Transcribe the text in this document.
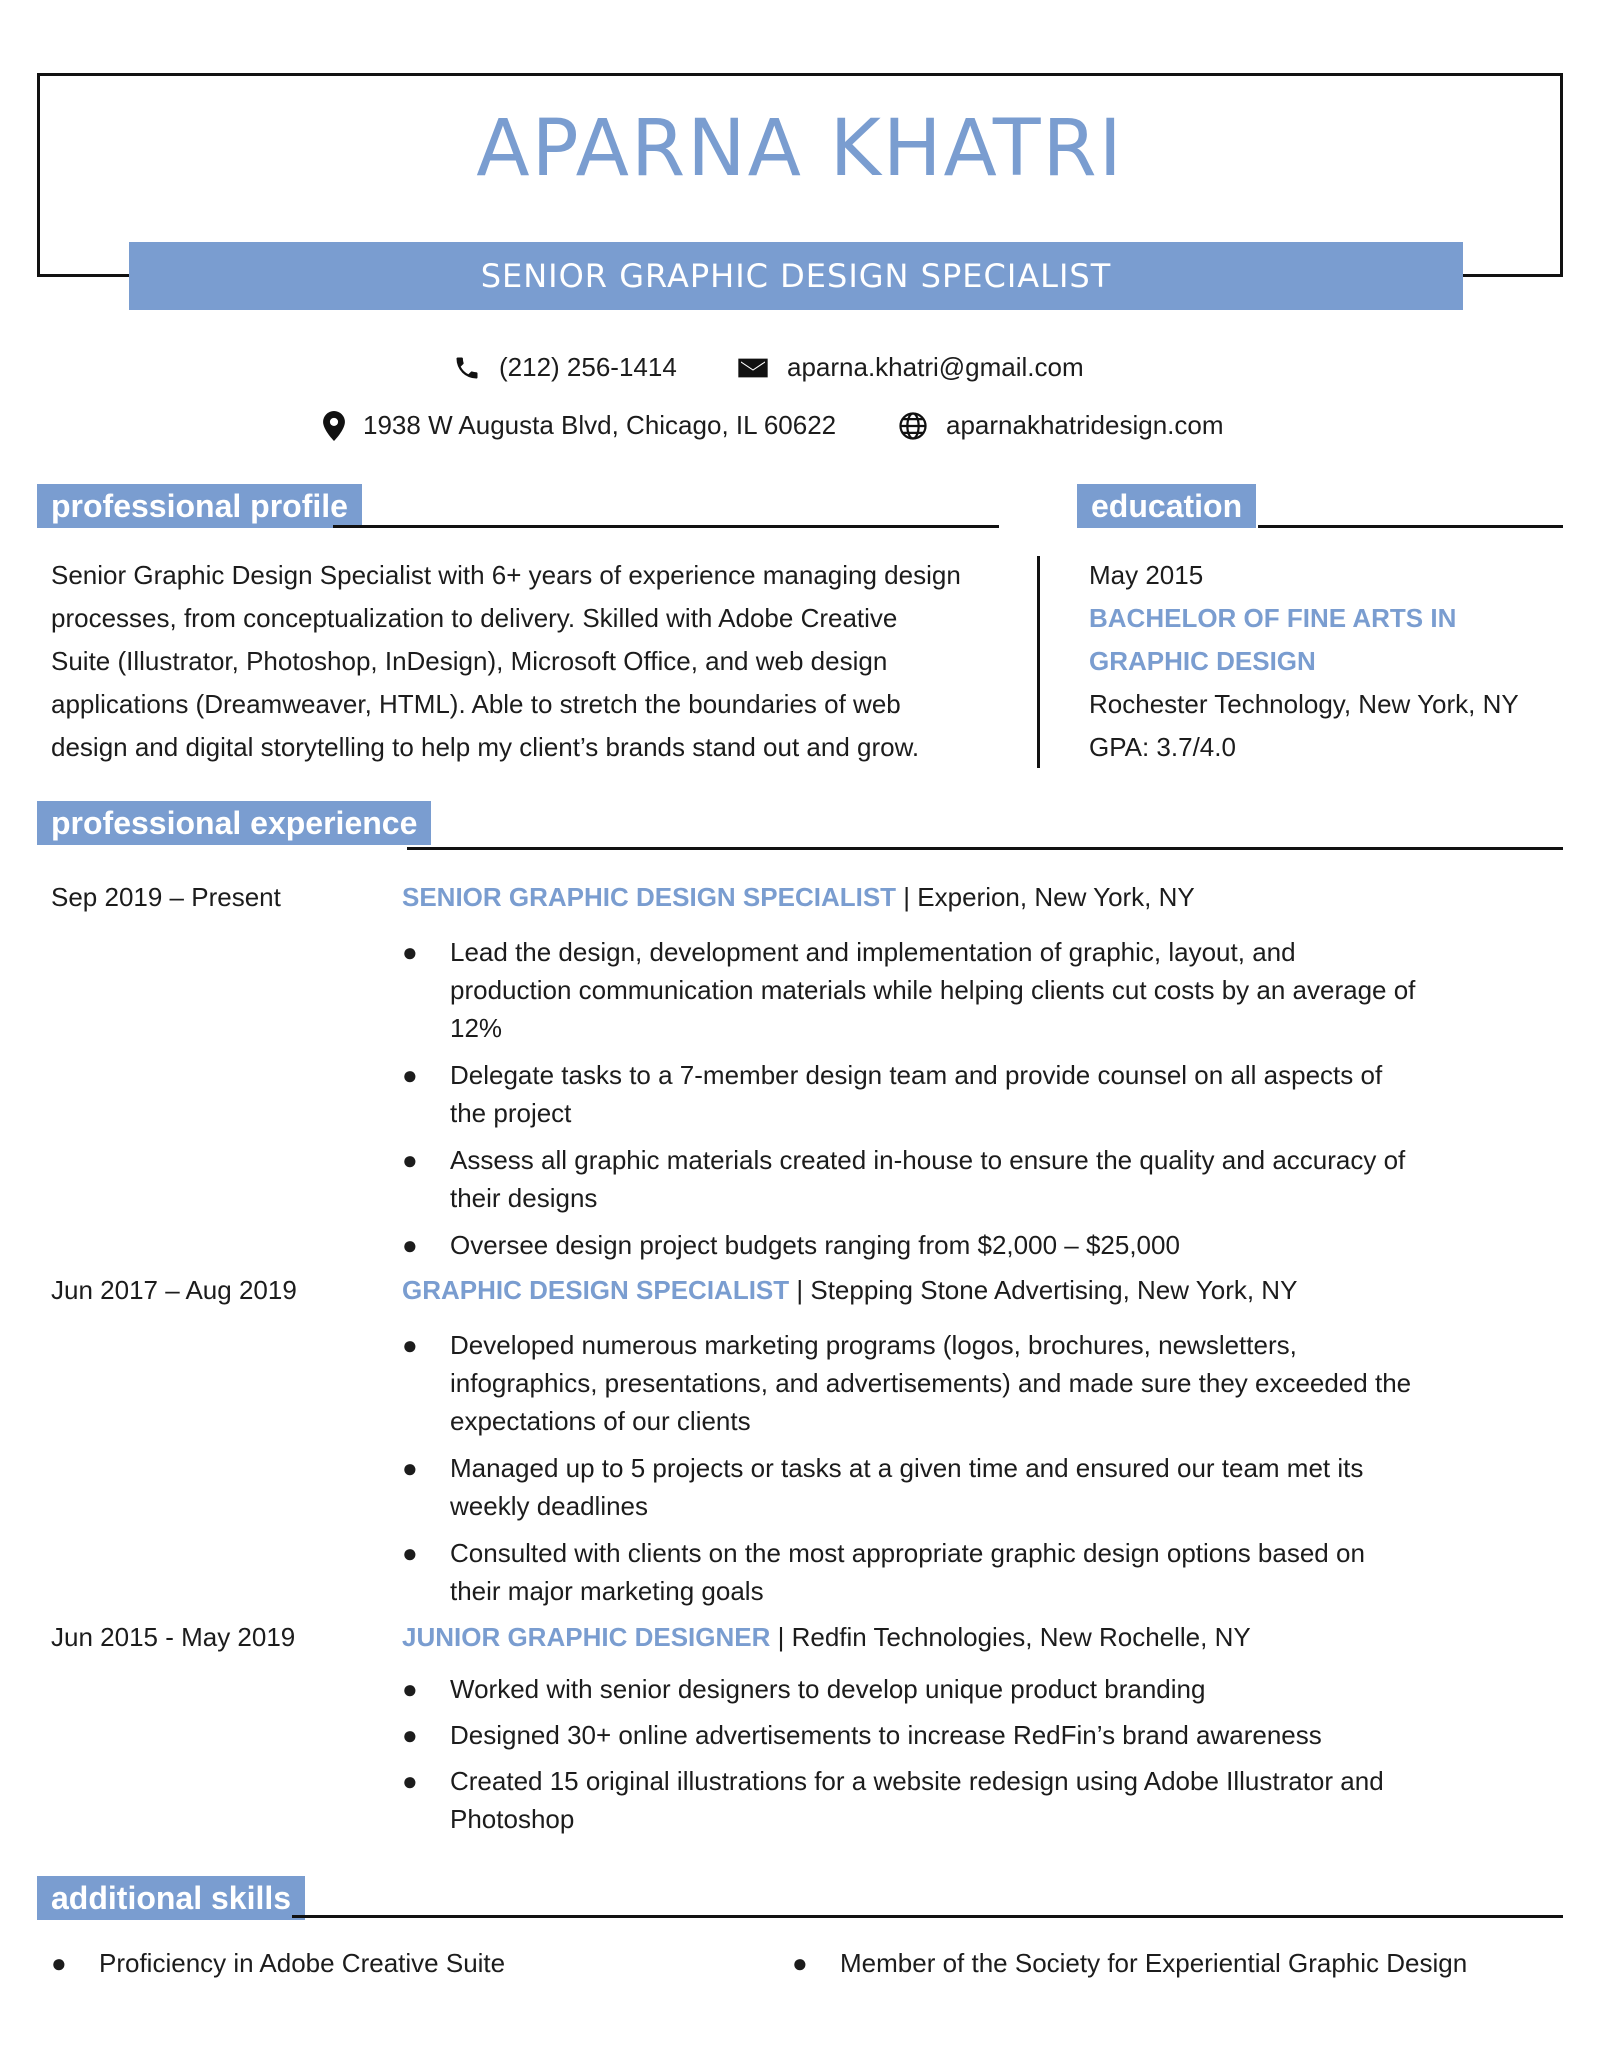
APARNA KHATRI
SENIOR GRAPHIC DESIGN SPECIALIST
(212) 256-1414	aparna.khatri@gmail.com
1938 W Augusta Blvd, Chicago, IL 60622	aparnakhatridesign.com
professional profile
Senior Graphic Design Specialist with 6+ years of experience managing design
processes, from conceptualization to delivery. Skilled with Adobe Creative
Suite (Illustrator, Photoshop, InDesign), Microsoft Office, and web design
applications (Dreamweaver, HTML). Able to stretch the boundaries of web
design and digital storytelling to help my client’s brands stand out and grow.
education
May 2015
BACHELOR OF FINE ARTS IN
GRAPHIC DESIGN
Rochester Technology, New York, NY
GPA: 3.7/4.0
professional experience
Sep 2019 – Present	SENIOR GRAPHIC DESIGN SPECIALIST | Experion, New York, NY
●	Lead the design, development and implementation of graphic, layout, and production communication materials while helping clients cut costs by an average of 12%
●	Delegate tasks to a 7-member design team and provide counsel on all aspects of the project
●	Assess all graphic materials created in-house to ensure the quality and accuracy of their designs
●	Oversee design project budgets ranging from $2,000 – $25,000
Jun 2017 – Aug 2019	GRAPHIC DESIGN SPECIALIST | Stepping Stone Advertising, New York, NY
●	Developed numerous marketing programs (logos, brochures, newsletters, infographics, presentations, and advertisements) and made sure they exceeded the expectations of our clients
●	Managed up to 5 projects or tasks at a given time and ensured our team met its weekly deadlines
●	Consulted with clients on the most appropriate graphic design options based on their major marketing goals
Jun 2015 - May 2019	JUNIOR GRAPHIC DESIGNER | Redfin Technologies, New Rochelle, NY
●	Worked with senior designers to develop unique product branding
●	Designed 30+ online advertisements to increase RedFin’s brand awareness
●	Created 15 original illustrations for a website redesign using Adobe Illustrator and Photoshop
additional skills
●	Proficiency in Adobe Creative Suite	●	Member of the Society for Experiential Graphic Design
